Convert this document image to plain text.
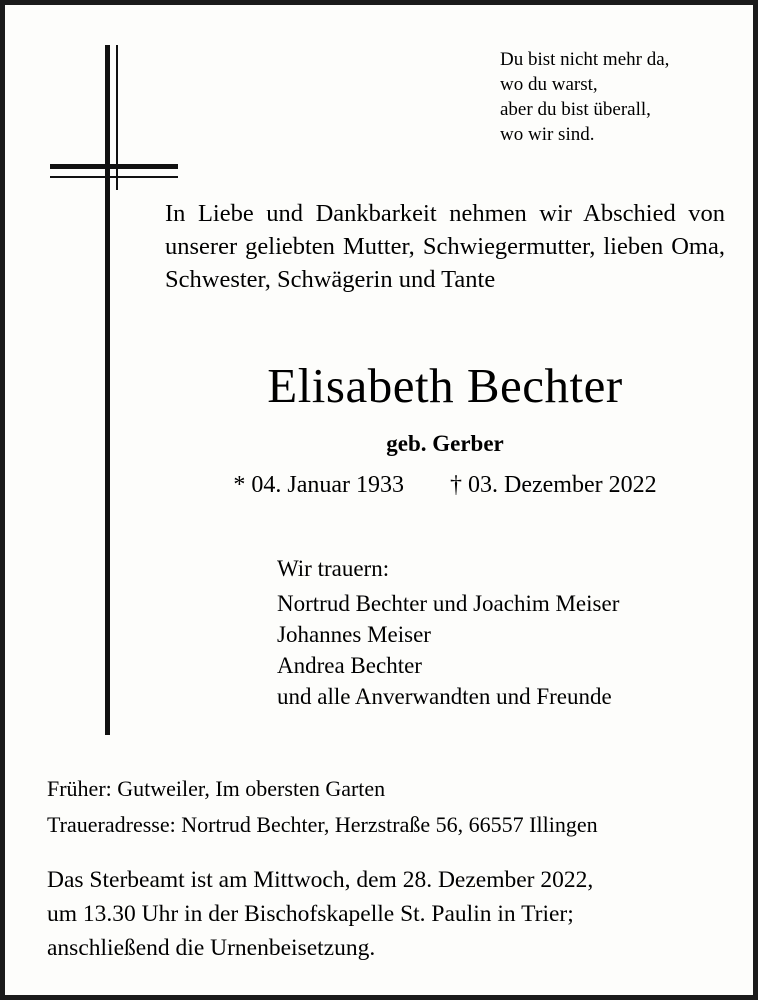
Du bist nicht mehr da,
wo du warst,
aber du bist überall,
wo wir sind.
In Liebe und Dankbarkeit nehmen wir Abschied von unserer geliebten Mutter, Schwiegermutter, lieben Oma, Schwester, Schwägerin und Tante
Elisabeth Bechter
geb. Gerber
* 04. Januar 1933 † 03. Dezember 2022
Wir trauern:
Nortrud Bechter und Joachim Meiser
Johannes Meiser
Andrea Bechter
und alle Anverwandten und Freunde
Früher: Gutweiler, Im obersten Garten
Traueradresse: Nortrud Bechter, Herzstraße 56, 66557 Illingen
Das Sterbeamt ist am Mittwoch, dem 28. Dezember 2022,
um 13.30 Uhr in der Bischofskapelle St. Paulin in Trier;
anschließend die Urnenbeisetzung.
